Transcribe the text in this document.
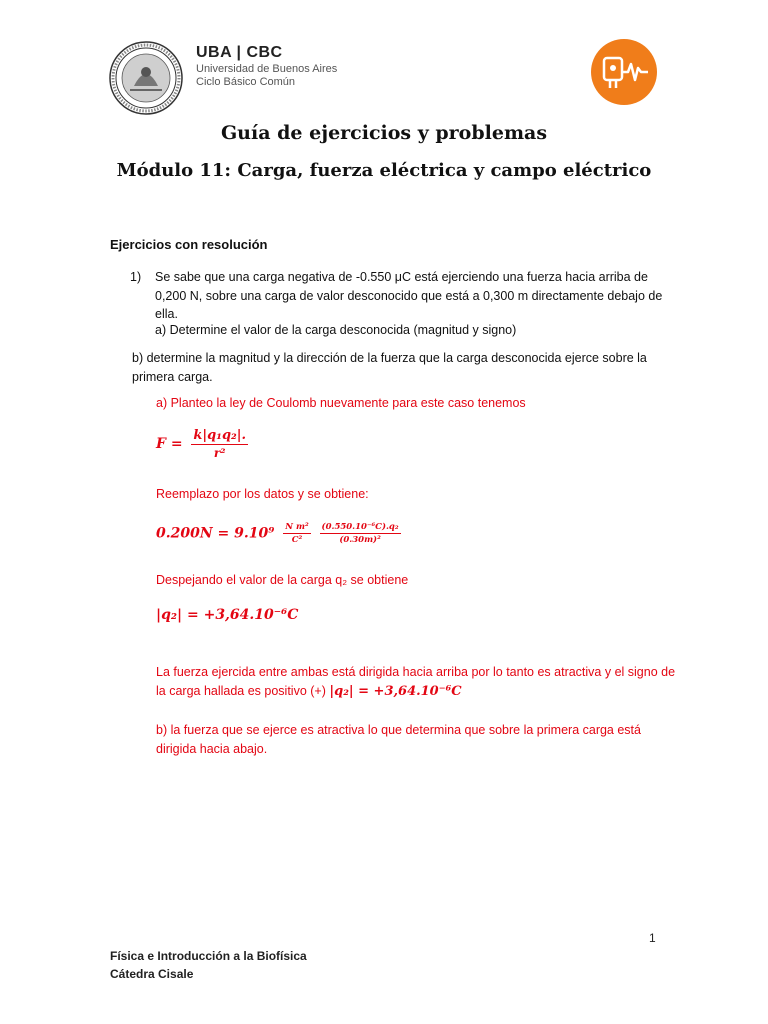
UBA | CBC
Universidad de Buenos Aires
Ciclo Básico Común
Guía de ejercicios y problemas
Módulo 11: Carga, fuerza eléctrica y campo eléctrico
Ejercicios con resolución
1) Se sabe que una carga negativa de -0.550 μC está ejerciendo una fuerza hacia arriba de 0,200 N, sobre una carga de valor desconocido que está a 0,300 m directamente debajo de ella.
a) Determine el valor de la carga desconocida (magnitud y signo)
b) determine la magnitud y la dirección de la fuerza que la carga desconocida ejerce sobre la primera carga.
a) Planteo la ley de Coulomb nuevamente para este caso tenemos
$F = \frac{\text{k|q₁q₂|.}}{\text{r²}}$
Reemplazo por los datos y se obtiene:
$0.200N = 9.10^9 \frac{\text{N m²}}{\text{C²}}$
$\frac{\text{(0.550.10⁻⁶C).q₂}}{\text{(0.30m)²}}$
Despejando el valor de la carga q₂ se obtiene
|q₂| = +3,64.10⁻⁶C
La fuerza ejercida entre ambas está dirigida hacia arriba por lo tanto es atractiva y el signo de la carga hallada es positivo (+) |q₂| = +3,64.10⁻⁶C
b) la fuerza que se ejerce es atractiva lo que determina que sobre la primera carga está dirigida hacia abajo.
1
Física e Introducción a la Biofísica
Cátedra Cisale
